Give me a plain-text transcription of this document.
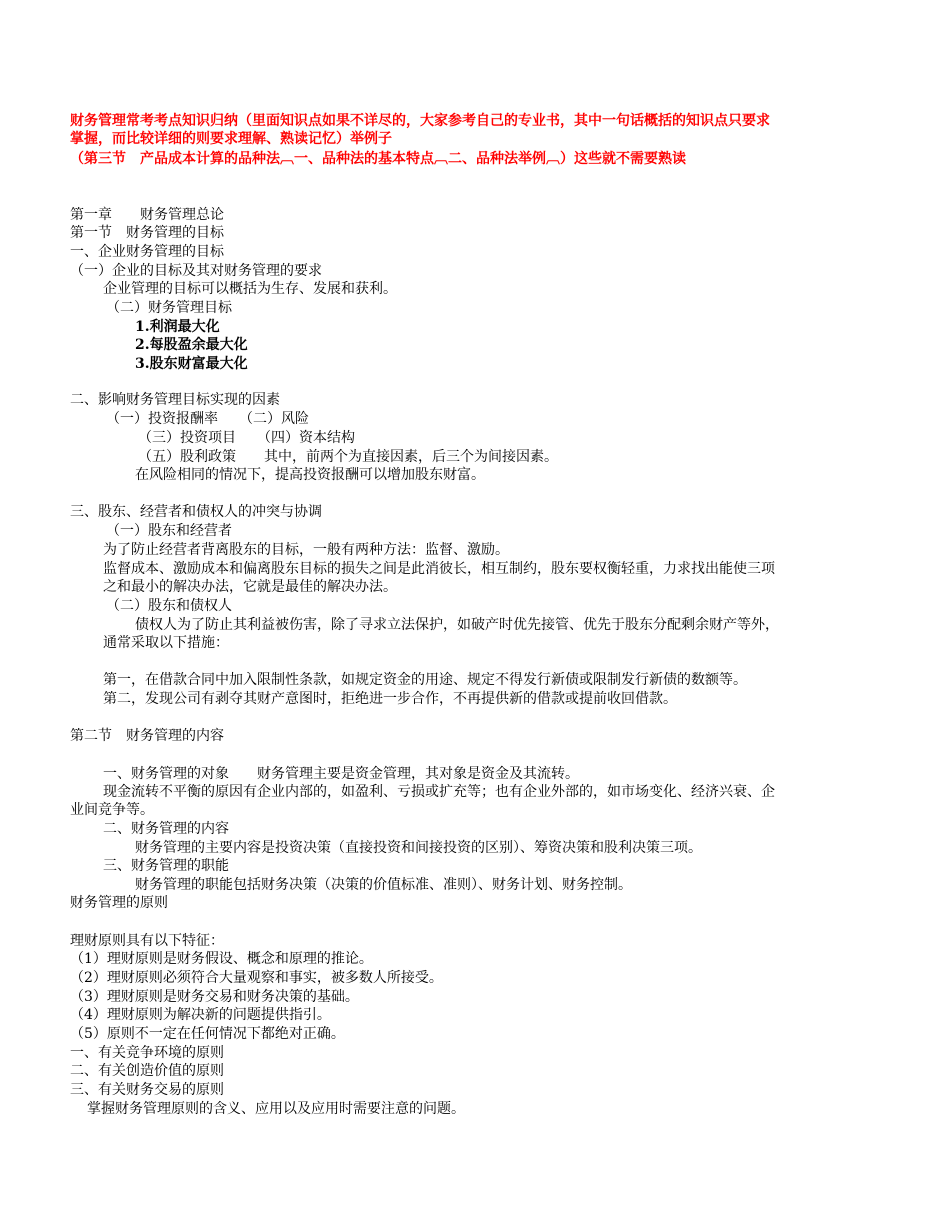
财务管理常考考点知识归纳（里面知识点如果不详尽的，大家参考自己的专业书，其中一句话概括的知识点只要求
掌握，而比较详细的则要求理解、熟读记忆）举例子
（第三节　产品成本计算的品种法︹一、品种法的基本特点︹二、品种法举例︹）这些就不需要熟读
第一章　　财务管理总论
第一节　财务管理的目标
一、企业财务管理的目标
（一）企业的目标及其对财务管理的要求
企业管理的目标可以概括为生存、发展和获利。
（二）财务管理目标
1.利润最大化
2.每股盈余最大化
3.股东财富最大化
二、影响财务管理目标实现的因素
（一）投资报酬率　　（二）风险
（三）投资项目　　（四）资本结构
（五）股利政策　　其中，前两个为直接因素，后三个为间接因素。
在风险相同的情况下，提高投资报酬可以增加股东财富。
三、股东、经营者和债权人的冲突与协调
（一）股东和经营者
为了防止经营者背离股东的目标，一般有两种方法：监督、激励。
监督成本、激励成本和偏离股东目标的损失之间是此消彼长，相互制约，股东要权衡轻重，力求找出能使三项
之和最小的解决办法，它就是最佳的解决办法。
（二）股东和债权人
债权人为了防止其利益被伤害，除了寻求立法保护，如破产时优先接管、优先于股东分配剩余财产等外，
通常采取以下措施：
第一，在借款合同中加入限制性条款，如规定资金的用途、规定不得发行新债或限制发行新债的数额等。
第二，发现公司有剥夺其财产意图时，拒绝进一步合作，不再提供新的借款或提前收回借款。
第二节　财务管理的内容
一、财务管理的对象　　财务管理主要是资金管理，其对象是资金及其流转。
现金流转不平衡的原因有企业内部的，如盈利、亏损或扩充等；也有企业外部的，如市场变化、经济兴衰、企
业间竞争等。
二、财务管理的内容
财务管理的主要内容是投资决策（直接投资和间接投资的区别）、筹资决策和股利决策三项。
三、财务管理的职能
财务管理的职能包括财务决策（决策的价值标准、准则）、财务计划、财务控制。
财务管理的原则
理财原则具有以下特征：
（1）理财原则是财务假设、概念和原理的推论。
（2）理财原则必须符合大量观察和事实，被多数人所接受。
（3）理财原则是财务交易和财务决策的基础。
（4）理财原则为解决新的问题提供指引。
（5）原则不一定在任何情况下都绝对正确。
一、有关竞争环境的原则
二、有关创造价值的原则
三、有关财务交易的原则
掌握财务管理原则的含义、应用以及应用时需要注意的问题。
